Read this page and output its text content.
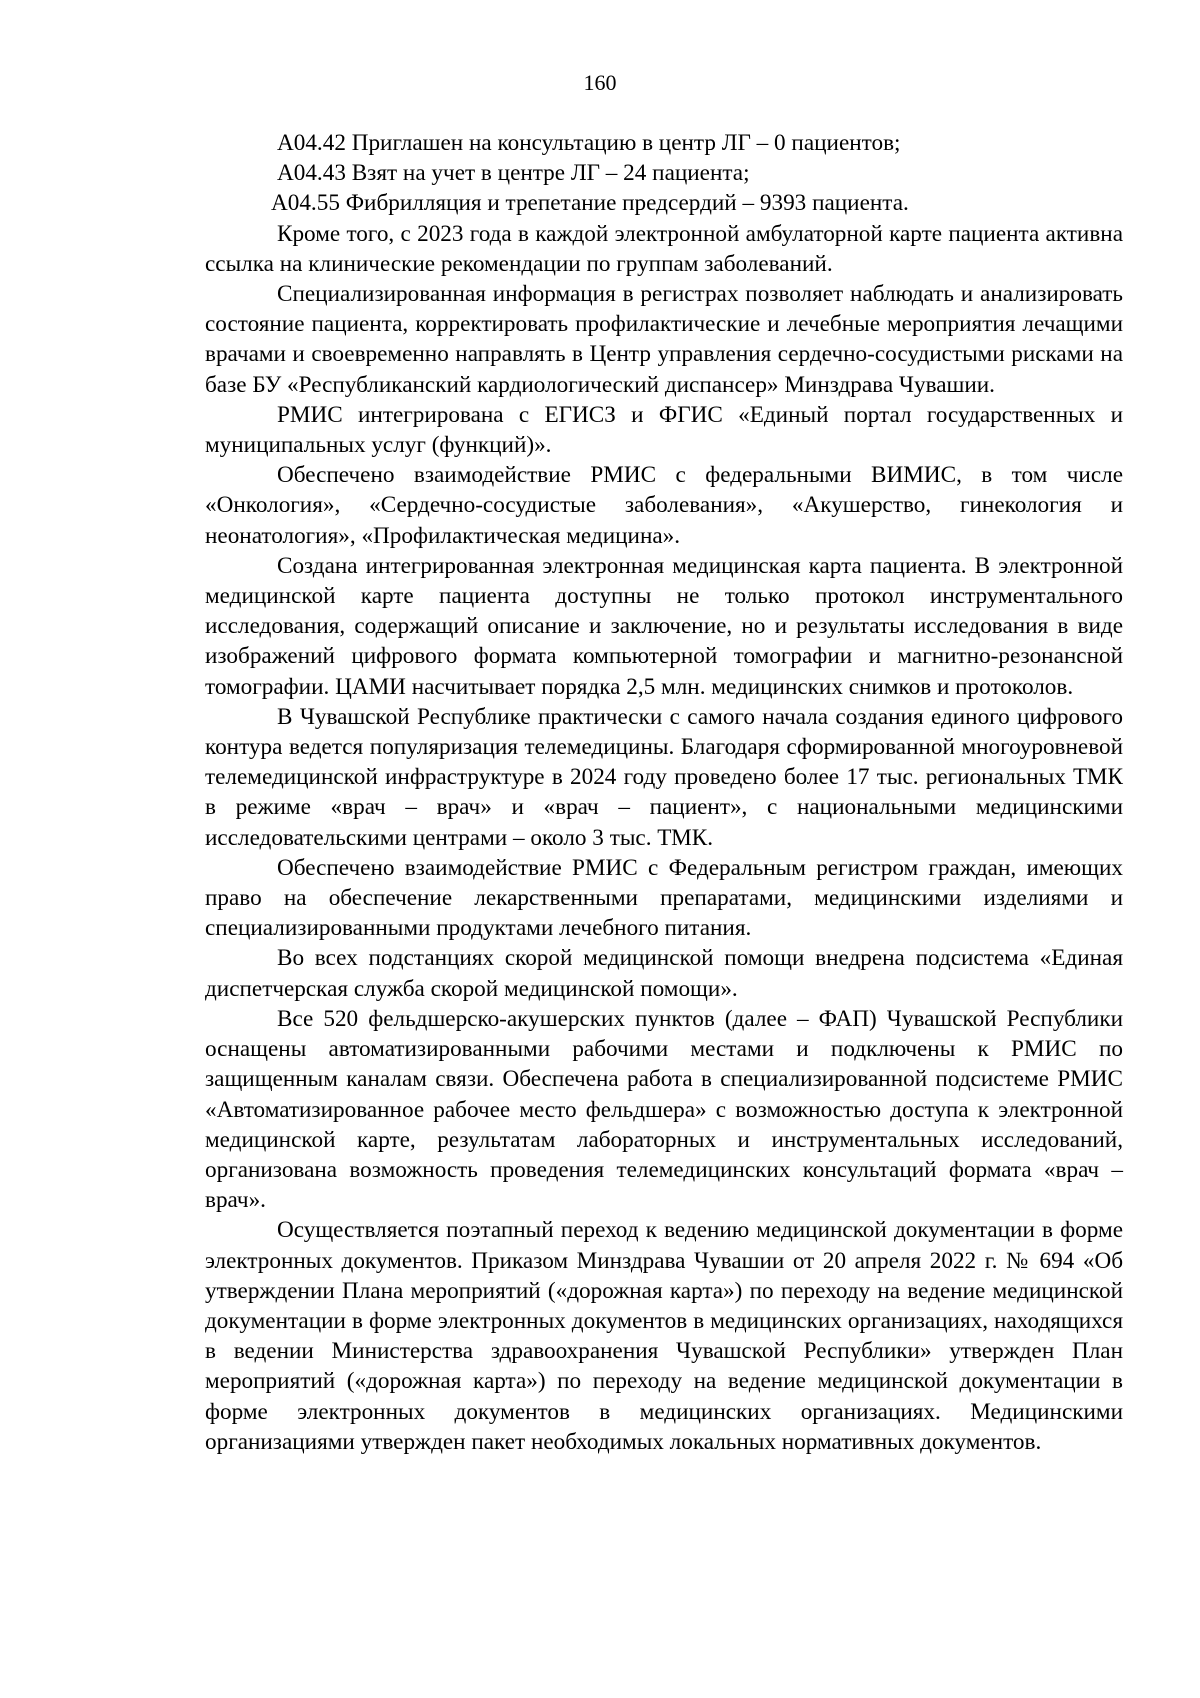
160

А04.42 Приглашен на консультацию в центр ЛГ – 0 пациентов;

А04.43 Взят на учет в центре ЛГ – 24 пациента;

А04.55 Фибрилляция и трепетание предсердий – 9393 пациента.

Кроме того, с 2023 года в каждой электронной амбулаторной карте пациента активна ссылка на клинические рекомендации по группам заболеваний.

Специализированная информация в регистрах позволяет наблюдать и анализировать состояние пациента, корректировать профилактические и лечебные мероприятия лечащими врачами и своевременно направлять в Центр управления сердечно-сосудистыми рисками на базе БУ «Республиканский кардиологический диспансер» Минздрава Чувашии.

РМИС интегрирована с ЕГИСЗ и ФГИС «Единый портал государственных и муниципальных услуг (функций)».

Обеспечено взаимодействие РМИС с федеральными ВИМИС, в том числе «Онкология», «Сердечно-сосудистые заболевания», «Акушерство, гинекология и неонатология», «Профилактическая медицина».

Создана интегрированная электронная медицинская карта пациента. В электронной медицинской карте пациента доступны не только протокол инструментального исследования, содержащий описание и заключение, но и результаты исследования в виде изображений цифрового формата компьютерной томографии и магнитно-резонансной томографии. ЦАМИ насчитывает порядка 2,5 млн. медицинских снимков и протоколов.

В Чувашской Республике практически с самого начала создания единого цифрового контура ведется популяризация телемедицины. Благодаря сформированной многоуровневой телемедицинской инфраструктуре в 2024 году проведено более 17 тыс. региональных ТМК в режиме «врач – врач» и «врач – пациент», с национальными медицинскими исследовательскими центрами – около 3 тыс. ТМК.

Обеспечено взаимодействие РМИС с Федеральным регистром граждан, имеющих право на обеспечение лекарственными препаратами, медицинскими изделиями и специализированными продуктами лечебного питания.

Во всех подстанциях скорой медицинской помощи внедрена подсистема «Единая диспетчерская служба скорой медицинской помощи».

Все 520 фельдшерско-акушерских пунктов (далее – ФАП) Чувашской Республики оснащены автоматизированными рабочими местами и подключены к РМИС по защищенным каналам связи. Обеспечена работа в специализированной подсистеме РМИС «Автоматизированное рабочее место фельдшера» с возможностью доступа к электронной медицинской карте, результатам лабораторных и инструментальных исследований, организована возможность проведения телемедицинских консультаций формата «врач – врач».

Осуществляется поэтапный переход к ведению медицинской документации в форме электронных документов. Приказом Минздрава Чувашии от 20 апреля 2022 г. № 694 «Об утверждении Плана мероприятий («дорожная карта») по переходу на ведение медицинской документации в форме электронных документов в медицинских организациях, находящихся в ведении Министерства здравоохранения Чувашской Республики» утвержден План мероприятий («дорожная карта») по переходу на ведение медицинской документации в форме электронных документов в медицинских организациях. Медицинскими организациями утвержден пакет необходимых локальных нормативных документов.
